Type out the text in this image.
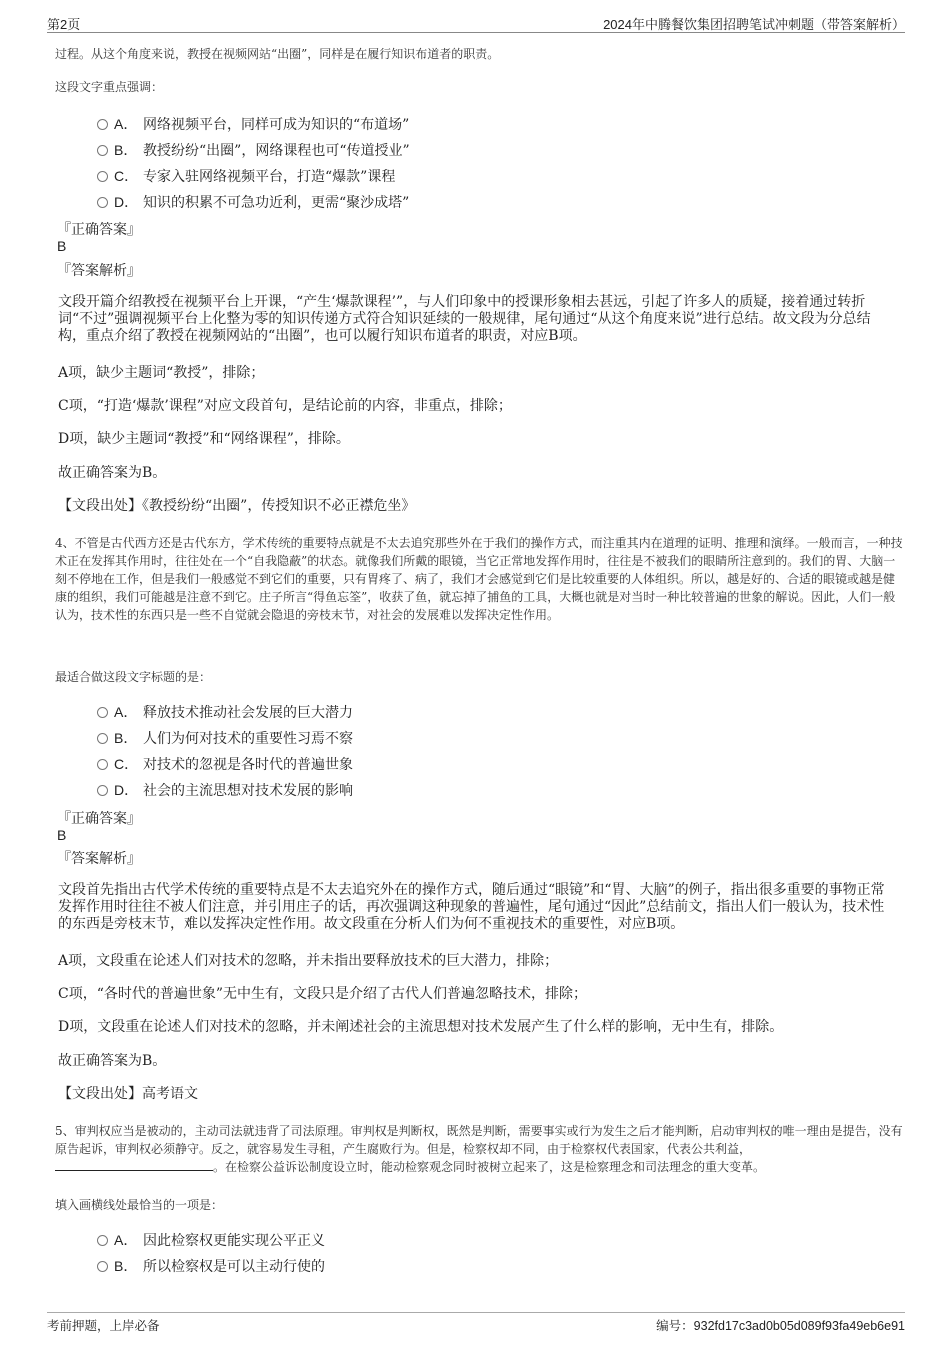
第2页	2024年中腾餐饮集团招聘笔试冲刺题（带答案解析）
过程。从这个角度来说，教授在视频网站“出圈”，同样是在履行知识布道者的职责。
这段文字重点强调：
A． 网络视频平台，同样可成为知识的“布道场”
B． 教授纷纷“出圈”，网络课程也可“传道授业”
C． 专家入驻网络视频平台，打造“爆款”课程
D． 知识的积累不可急功近利，更需“聚沙成塔”
『正确答案』
B
『答案解析』
文段开篇介绍教授在视频平台上开课，“产生‘爆款课程’”，与人们印象中的授课形象相去甚远，引起了许多人的质疑，接着通过转折词“不过”强调视频平台上化整为零的知识传递方式符合知识延续的一般规律，尾句通过“从这个角度来说”进行总结。故文段为分总结构，重点介绍了教授在视频网站的“出圈”，也可以履行知识布道者的职责，对应B项。
A项，缺少主题词“教授”，排除；
C项，“打造‘爆款’课程”对应文段首句，是结论前的内容，非重点，排除；
D项，缺少主题词“教授”和“网络课程”，排除。
故正确答案为B。
【文段出处】《教授纷纷“出圈”，传授知识不必正襟危坐》
4、不管是古代西方还是古代东方，学术传统的重要特点就是不太去追究那些外在于我们的操作方式，而注重其内在道理的证明、推理和演绎。一般而言，一种技术正在发挥其作用时，往往处在一个“自我隐蔽”的状态。就像我们所戴的眼镜，当它正常地发挥作用时，往往是不被我们的眼睛所注意到的。我们的胃、大脑一刻不停地在工作，但是我们一般感觉不到它们的重要，只有胃疼了、病了，我们才会感觉到它们是比较重要的人体组织。所以，越是好的、合适的眼镜或越是健康的组织，我们可能越是注意不到它。庄子所言“得鱼忘筌”，收获了鱼，就忘掉了捕鱼的工具，大概也就是对当时一种比较普遍的世象的解说。因此，人们一般认为，技术性的东西只是一些不自觉就会隐退的旁枝末节，对社会的发展难以发挥决定性作用。
最适合做这段文字标题的是：
A． 释放技术推动社会发展的巨大潜力
B． 人们为何对技术的重要性习焉不察
C． 对技术的忽视是各时代的普遍世象
D． 社会的主流思想对技术发展的影响
『正确答案』
B
『答案解析』
文段首先指出古代学术传统的重要特点是不太去追究外在的操作方式，随后通过“眼镜”和“胃、大脑”的例子，指出很多重要的事物正常发挥作用时往往不被人们注意，并引用庄子的话，再次强调这种现象的普遍性，尾句通过“因此”总结前文，指出人们一般认为，技术性的东西是旁枝末节，难以发挥决定性作用。故文段重在分析人们为何不重视技术的重要性，对应B项。
A项，文段重在论述人们对技术的忽略，并未指出要释放技术的巨大潜力，排除；
C项，“各时代的普遍世象”无中生有，文段只是介绍了古代人们普遍忽略技术，排除；
D项，文段重在论述人们对技术的忽略，并未阐述社会的主流思想对技术发展产生了什么样的影响，无中生有，排除。
故正确答案为B。
【文段出处】高考语文
5、审判权应当是被动的，主动司法就违背了司法原理。审判权是判断权，既然是判断，需要事实或行为发生之后才能判断，启动审判权的唯一理由是提告，没有原告起诉，审判权必须静守。反之，就容易发生寻租，产生腐败行为。但是，检察权却不同，由于检察权代表国家，代表公共利益，。在检察公益诉讼制度设立时，能动检察观念同时被树立起来了，这是检察理念和司法理念的重大变革。
填入画横线处最恰当的一项是：
A． 因此检察权更能实现公平正义
B． 所以检察权是可以主动行使的
考前押题，上岸必备	编号：932fd17c3ad0b05d089f93fa49eb6e91
